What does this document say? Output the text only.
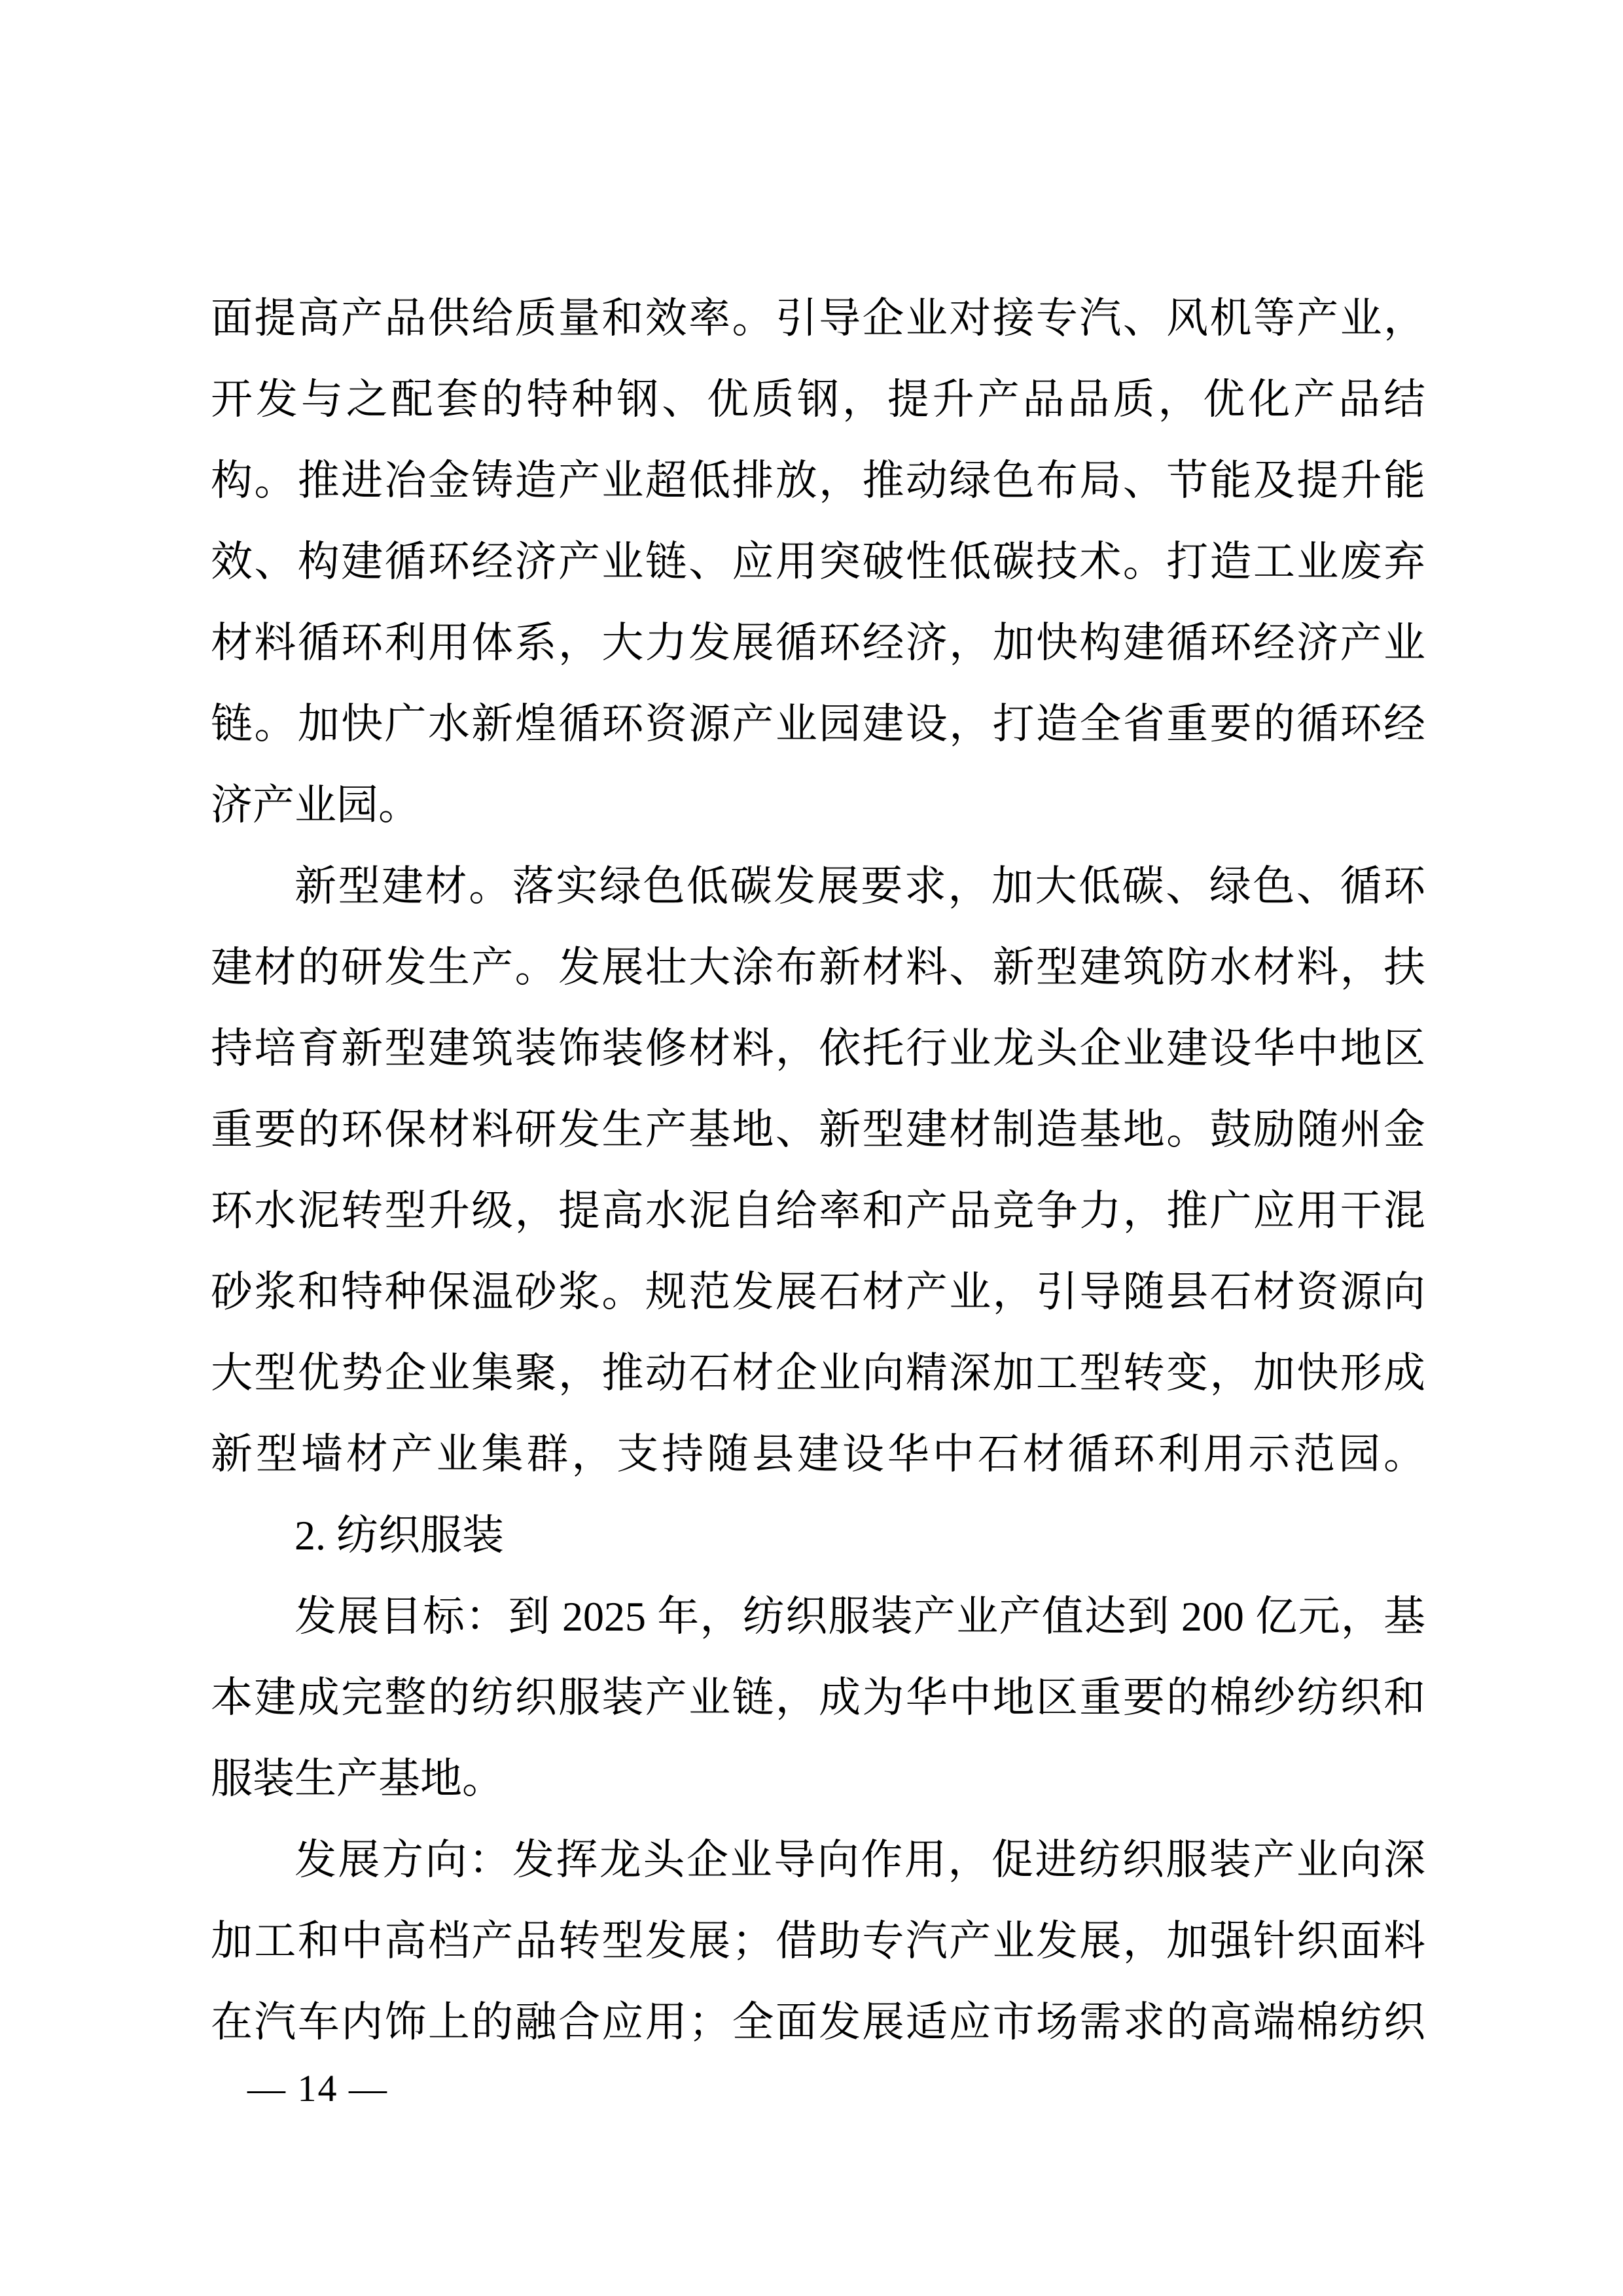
面提高产品供给质量和效率。引导企业对接专汽、风机等产业，
开发与之配套的特种钢、优质钢，提升产品品质，优化产品结
构。推进冶金铸造产业超低排放，推动绿色布局、节能及提升能
效、构建循环经济产业链、应用突破性低碳技术。打造工业废弃
材料循环利用体系，大力发展循环经济，加快构建循环经济产业
链。加快广水新煌循环资源产业园建设，打造全省重要的循环经
济产业园。
新型建材。落实绿色低碳发展要求，加大低碳、绿色、循环
建材的研发生产。发展壮大涂布新材料、新型建筑防水材料，扶
持培育新型建筑装饰装修材料，依托行业龙头企业建设华中地区
重要的环保材料研发生产基地、新型建材制造基地。鼓励随州金
环水泥转型升级，提高水泥自给率和产品竞争力，推广应用干混
砂浆和特种保温砂浆。规范发展石材产业，引导随县石材资源向
大型优势企业集聚，推动石材企业向精深加工型转变，加快形成
新型墙材产业集群，支持随县建设华中石材循环利用示范园。
2. 纺织服装
发展目标：到 2025 年，纺织服装产业产值达到 200 亿元，基
本建成完整的纺织服装产业链，成为华中地区重要的棉纱纺织和
服装生产基地。
发展方向：发挥龙头企业导向作用，促进纺织服装产业向深
加工和中高档产品转型发展；借助专汽产业发展，加强针织面料
在汽车内饰上的融合应用；全面发展适应市场需求的高端棉纺织
— 14 —
